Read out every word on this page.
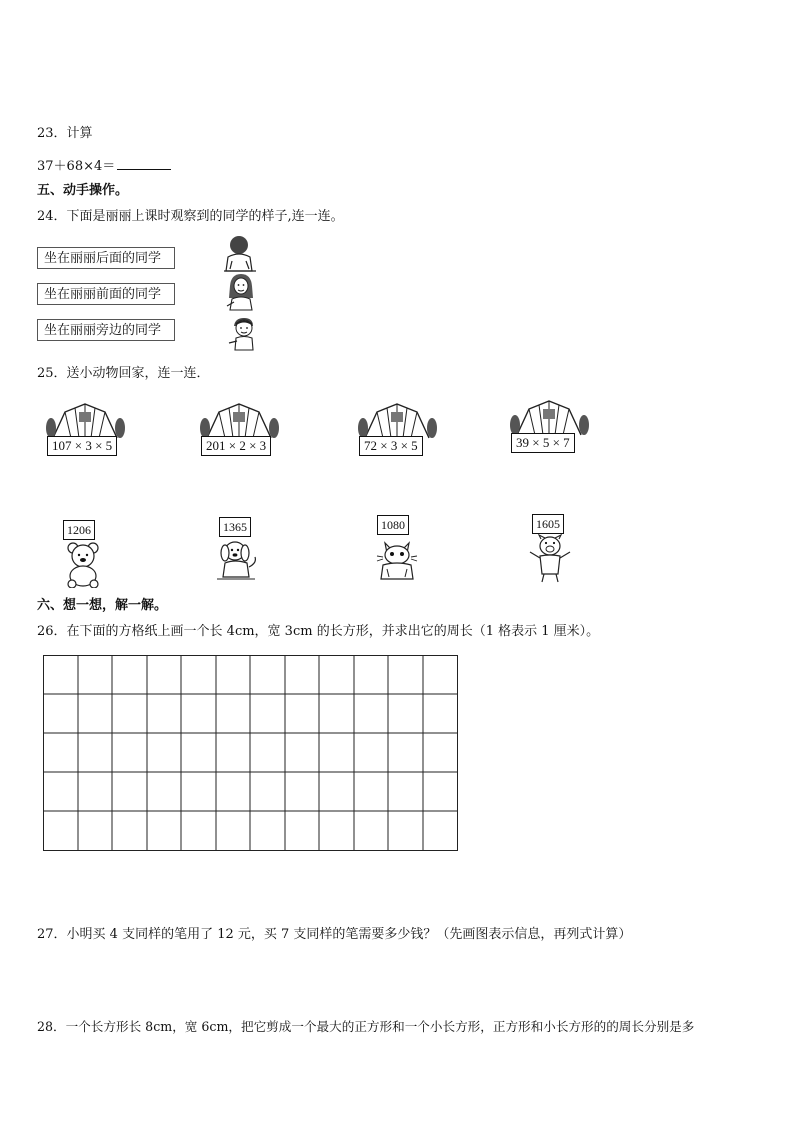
23．计算
37＋68×4＝
五、动手操作。
24．下面是丽丽上课时观察到的同学的样子,连一连。
坐在丽丽后面的同学
坐在丽丽前面的同学
坐在丽丽旁边的同学
25．送小动物回家，连一连．
107 × 3 × 5	201 × 2 × 3	72 × 3 × 5	39 × 5 × 7
1206	1365	1080	1605
六、想一想，解一解。
26．在下面的方格纸上画一个长 4cm，宽 3cm 的长方形，并求出它的周长（1 格表示 1 厘米）。
27．小明买 4 支同样的笔用了 12 元，买 7 支同样的笔需要多少钱？（先画图表示信息，再列式计算）
28．一个长方形长 8cm，宽 6cm，把它剪成一个最大的正方形和一个小长方形，正方形和小长方形的的周长分别是多
